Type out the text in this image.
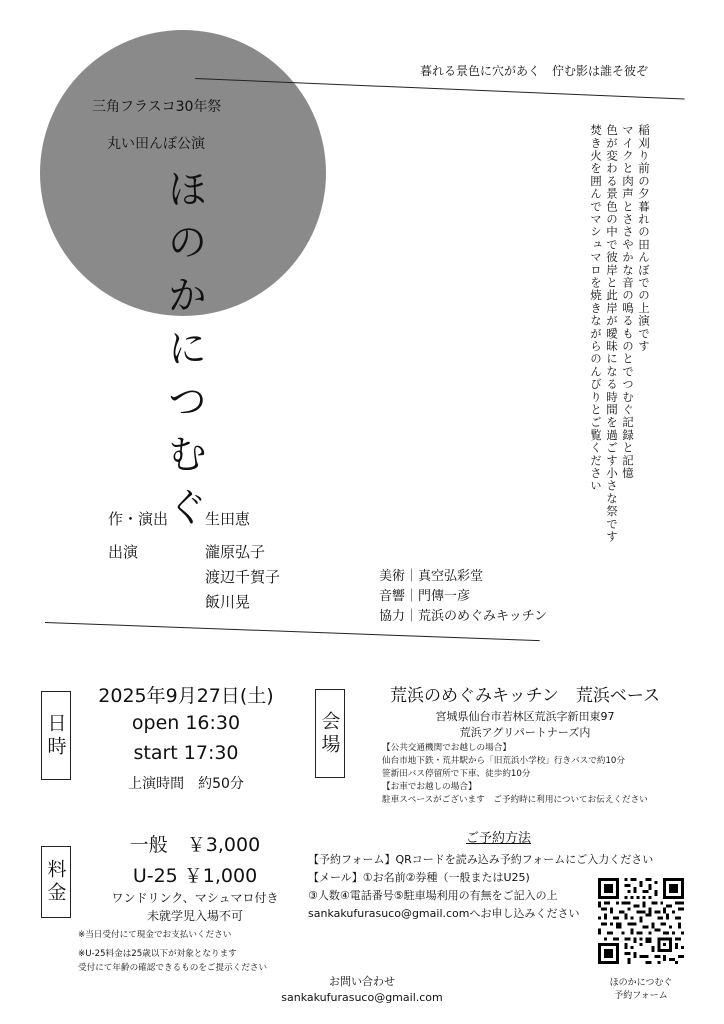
暮れる景色に穴があく　佇む影は誰そ彼ぞ
三角フラスコ30年祭
丸い田んぼ公演
ほのかにつむぐ	稲刈り前の夕暮れの田んぼでの上演です
マイクと肉声とささやかな音の鳴るものとでつむぐ記録と記憶
色が変わる景色の中で彼岸と此岸が曖昧になる時間を過ごす小さな祭です
焚き火を囲んでマシュマロを焼きながらのんびりとご覧ください
作・演出 生田恵
出演	瀧原弘子
渡辺千賀子
飯川晃
美術｜真空弘彩堂
音響｜門傳一彦
協力｜荒浜のめぐみキッチン
日時
2025年9月27日(土)
open 16:30
start 17:30
上演時間　約50分
会場
荒浜のめぐみキッチン　荒浜ベース
宮城県仙台市若林区荒浜字新田東97
荒浜アグリパートナーズ内
【公共交通機関でお越しの場合】
仙台市地下鉄・荒井駅から「旧荒浜小学校」行きバスで約10分
笹新田バス停留所で下車、徒歩約10分
【お車でお越しの場合】
駐車スペースがございます　ご予約時に利用についてお伝えください
料金
一般　￥3,000
U-25 ￥1,000
ワンドリンク、マシュマロ付き
未就学児入場不可
※当日受付にて現金でお支払いください
※U-25料金は25歳以下が対象となります
受付にて年齢の確認できるものをご提示ください
ご予約方法
【予約フォーム】QRコードを読み込み予約フォームにご入力ください
【メール】①お名前②券種（一般またはU25)
③人数④電話番号⑤駐車場利用の有無をご記入の上
sankakufurasuco@gmail.comへお申し込みください
ほのかにつむぐ
予約フォーム
お問い合わせ
sankakufurasuco@gmail.com
